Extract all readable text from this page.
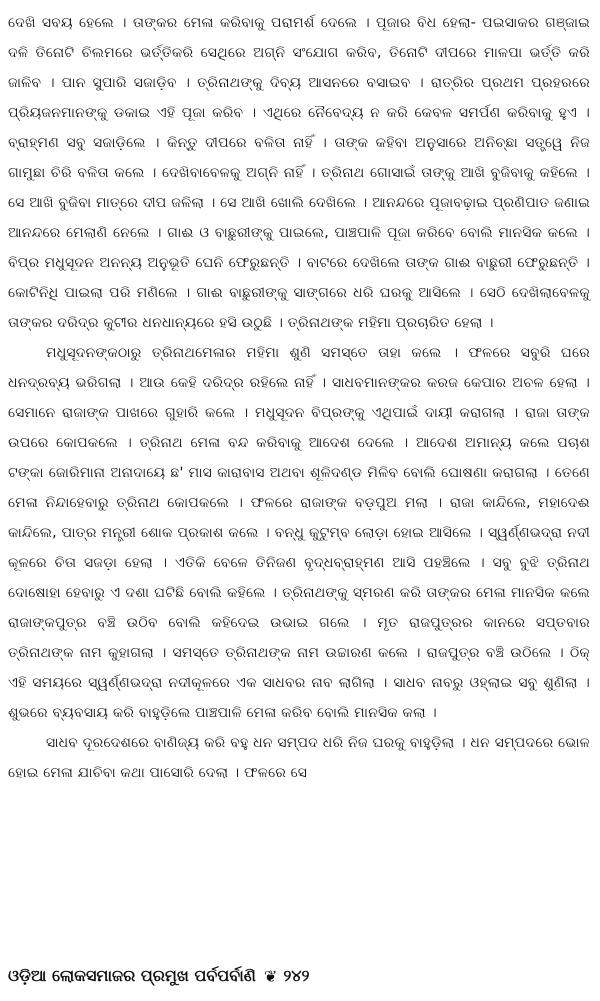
ଦେଖି ସବୟ ହେଲେ । ତାଙ୍କର ମେଳା କରିବାକୁ ପରାମର୍ଶ ଦେଲେ । ପୂଜାର ବିଧ ହେଲା- ପଇସାକର ଗଞ୍ଜାଇ ଦଳି ତିନୋଟି ଚିଲମରେ ଭର୍ତ୍ତିକରି ସେଥିରେ ଅଗ୍ନି ସଂଯୋଗ କରିବ, ତିନୋଟି ଦୀପରେ ମାଳପା ଭର୍ତ୍ତି କରି ଜାଳିବ । ପାନ ସୁପାରି ସଜାଡ଼ିବ । ତ୍ରିନାଥଙ୍କୁ ଦିବ୍ୟ ଆସନରେ ବସାଇବ । ରାତ୍ରିର ପ୍ରଥମ ପ୍ରହରରେ ପ୍ରିୟଜନମାନଙ୍କୁ ଡକାଇ ଏହି ପୂଜା କରିବ । ଏଥିରେ ନୈବେଦ୍ୟ ନ କରି କେବଳ ସମର୍ପଣ କରିବାକୁ ହୁଏ । ବ୍ରାହ୍ମଣ ସବୁ ସଜାଡ଼ିଲେ । କିନ୍ତୁ ଦୀପରେ ବଳିତା ନାହିଁ । ତାଙ୍କ କହିବା ଅନୁସାରେ ଅନିଚ୍ଛା ସତ୍ତ୍ୱେ ନିଜ ଗାମୁଛା ଚିରି ବଳିତା କଲେ । ଦେଖିବାବେଳକୁ ଅଗ୍ନି ନାହିଁ । ତ୍ରିନାଥ ଗୋସାଇଁ ତାଙ୍କୁ ଆଖି ବୁଜିବାକୁ କହିଲେ । ସେ ଆଖି ବୁଜିବା ମାତ୍ରେ ଦୀପ ଜଳିଲା । ସେ ଆଖି ଖୋଲି ଦେଖିଲେ । ଆନନ୍ଦରେ ପୂଜାବଢ଼ାଇ ପ୍ରଣିପାତ ଜଣାଇ ଆନନ୍ଦରେ ମେଲାଣି ନେଲେ । ଗାଈ ଓ ବାଛୁରୀଙ୍କୁ ପାଇଲେ, ପାଞ୍ଚପାଳି ପୂଜା କରିବେ ବୋଲି ମାନସିକ କଲେ । ବିପ୍ର ମଧୁସୂଦନ ଅନନ୍ୟ ଅନୁଭୂତି ଘେନି ଫେରୁଛନ୍ତି । ବାଟରେ ଦେଖିଲେ ତାଙ୍କ ଗାଈ ବାଛୁରୀ ଫେରୁଛନ୍ତି । କୋଟିନିଧି ପାଇଲା ପରି ମଣିଲେ । ଗାଈ ବାଛୁରୀଙ୍କୁ ସାଙ୍ଗରେ ଧରି ଘରକୁ ଆସିଲେ । ସେଠି ଦେଖିଲାବେଳକୁ ତାଙ୍କର ଦରିଦ୍ର କୁଟୀର ଧନଧାନ୍ୟରେ ହସି ଉଠୁଛି । ତ୍ରିନାଥଙ୍କ ମହିମା ପ୍ରଚାରିତ ହେଲା ।

ମଧୁସୂଦନଙ୍କଠାରୁ ତ୍ରିନାଥମେଳାର ମହିମା ଶୁଣି ସମସ୍ତେ ତାହା କଲେ । ଫଳରେ ସବୁରି ଘରେ ଧନଦ୍ରବ୍ୟ ଭରିଗଲା । ଆଉ କେହି ଦରିଦ୍ର ରହିଲେ ନାହିଁ । ସାଧବମାନଙ୍କର କରଜ କେପାର ଅଚଳ ହେଲା । ସେମାନେ ରାଜାଙ୍କ ପାଖରେ ଗୁହାରି କଲେ । ମଧୁସୂଦନ ବିପ୍ରଙ୍କୁ ଏଥିପାଇଁ ଦାୟୀ କରାଗଲା । ରାଜା ତାଙ୍କ ଉପରେ କୋପକଲେ । ତ୍ରିନାଥ ମେଳା ବନ୍ଦ କରିବାକୁ ଆଦେଶ ଦେଲେ । ଆଦେଶ ଅମାନ୍ୟ କଲେ ପଚାଶ ଟଙ୍କା ଜୋରିମାନା ଅନାଦାୟେ ଛ' ମାସ କାରାବାସ ଅଥବା ଶୂଳିଦଣ୍ଡ ମିଳିବ ବୋଲି ଘୋଷଣା କରାଗଲା । ତେଣେ ମେଳା ନିନ୍ଦାହେବାରୁ ତ୍ରିନାଥ କୋପକଲେ । ଫଳରେ ରାଜାଙ୍କ ବଡ଼ପୁଅ ମଲା । ରାଜା କାନ୍ଦିଲେ, ମହାଦେଈ କାନ୍ଦିଲେ, ପାତ୍ର ମନ୍ତ୍ରୀ ଶୋକ ପ୍ରକାଶ କଲେ । ବନ୍ଧୁ କୁଟୁମ୍ବ ଲୋଡ଼ା ହୋଇ ଆସିଲେ । ସ୍ୱର୍ଣ୍ଣଭଦ୍ରା ନଦୀ କୂଳରେ ଚିତା ସଜଡ଼ା ହେଲା । ଏତିକି ବେଳେ ତିନିଜଣ ବୃଦ୍ଧବ୍ରାହ୍ମଣ ଆସି ପହଞ୍ଚିଲେ । ସବୁ ବୁଝି ତ୍ରିନାଥ ଦୋଷୋହା ହେବାରୁ ଏ ଦଶା ଘଟିଛି ବୋଲି କହିଲେ । ତ୍ରିନାଥଙ୍କୁ ସ୍ମରଣ କରି ତାଙ୍କର ମେଳା ମାନସିକ କଲେ ରାଜାଙ୍କପୁତ୍ର ବଞ୍ଚି ଉଠିବ ବୋଲି କହିଦେଇ ଉଭାଇ ଗଲେ । ମୃତ ରାଜପୁତ୍ରର କାନରେ ସପ୍ତବାର ତ୍ରିନାଥଙ୍କ ନାମ କୁହାଗଲା । ସମସ୍ତେ ତ୍ରିନାଥଙ୍କ ନାମ ଉଚ୍ଚାରଣ କଲେ । ରାଜପୁତ୍ର ବଞ୍ଚି ଉଠିଲେ । ଠିକ୍ ଏହି ସମୟରେ ସ୍ୱର୍ଣ୍ଣଭଦ୍ରା ନଦୀକୂଳରେ ଏକ ସାଧବର ନାବ ଲାଗିଲା । ସାଧବ ନାବରୁ ଓହ୍ଲାଇ ସବୁ ଶୁଣିଲା । ଶୁଭରେ ବ୍ୟବସାୟ କରି ବାହୁଡ଼ିଲେ ପାଞ୍ଚପାଳି ମେଳା କରିବ ବୋଲି ମାନସିକ କଲା ।

ସାଧବ ଦୂରଦେଶରେ ବାଣିଜ୍ୟ କରି ବହୁ ଧନ ସମ୍ପଦ ଧରି ନିଜ ଘରକୁ ବାହୁଡ଼ିଲା । ଧନ ସମ୍ପଦରେ ଭୋଳ ହୋଇ ମେଳା ଯାଚିବା କଥା ପାସୋରି ଦେଲା । ଫଳରେ ସେ

ଓଡ଼ିଆ ଲୋକସମାଜର ପ୍ରମୁଖ ପର୍ବପର୍ବାଣି ❦ ୨୪୨
